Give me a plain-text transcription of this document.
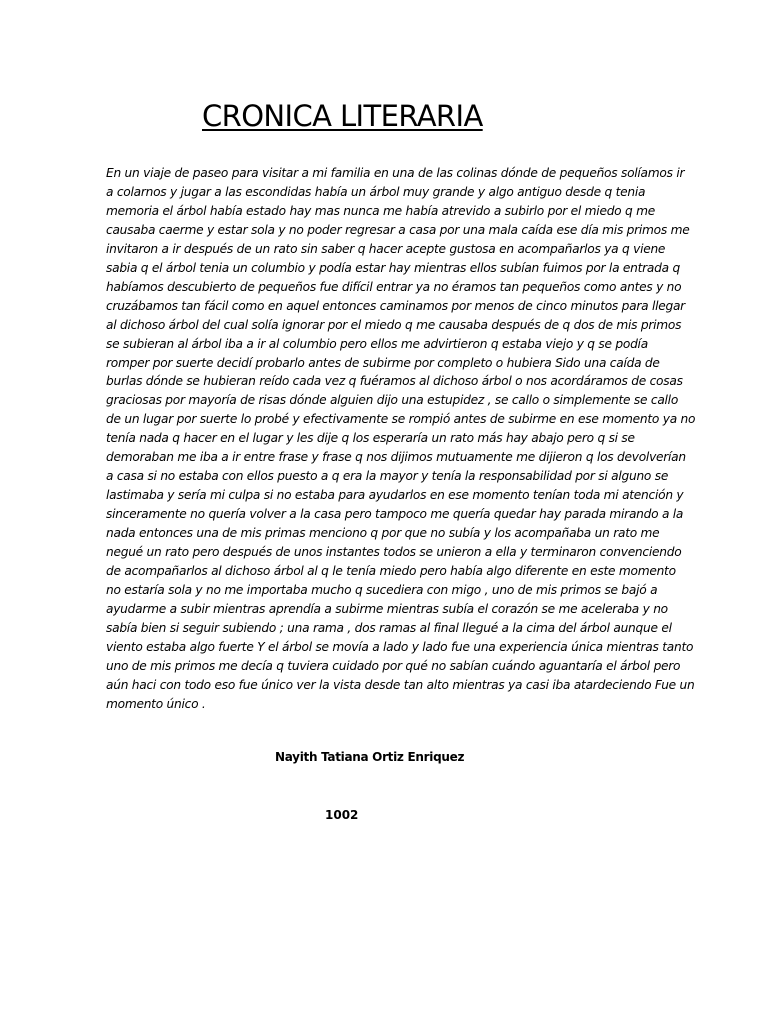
CRONICA LITERARIA
En un viaje de paseo para visitar a mi familia en una de las colinas dónde de pequeños solíamos ir
a colarnos y jugar a las escondidas había un árbol muy grande y algo antiguo desde q tenia
memoria el árbol había estado hay mas nunca me había atrevido a subirlo por el miedo q me
causaba caerme y estar sola y no poder regresar a casa por una mala caída ese día mis primos me
invitaron a ir después de un rato sin saber q hacer acepte gustosa en acompañarlos ya q viene
sabia q el árbol tenia un columbio y podía estar hay mientras ellos subían fuimos por la entrada q
habíamos descubierto de pequeños fue difícil entrar ya no éramos tan pequeños como antes y no
cruzábamos tan fácil como en aquel entonces caminamos por menos de cinco minutos para llegar
al dichoso árbol del cual solía ignorar por el miedo q me causaba después de q dos de mis primos
se subieran al árbol iba a ir al columbio pero ellos me advirtieron q estaba viejo y q se podía
romper por suerte decidí probarlo antes de subirme por completo o hubiera Sido una caída de
burlas dónde se hubieran reído cada vez q fuéramos al dichoso árbol o nos acordáramos de cosas
graciosas por mayoría de risas dónde alguien dijo una estupidez , se callo o simplemente se callo
de un lugar por suerte lo probé y efectivamente se rompió antes de subirme en ese momento ya no
tenía nada q hacer en el lugar y les dije q los esperaría un rato más hay abajo pero q si se
demoraban me iba a ir entre frase y frase q nos dijimos mutuamente me dijieron q los devolverían
a casa si no estaba con ellos puesto a q era la mayor y tenía la responsabilidad por si alguno se
lastimaba y sería mi culpa si no estaba para ayudarlos en ese momento tenían toda mi atención y
sinceramente no quería volver a la casa pero tampoco me quería quedar hay parada mirando a la
nada entonces una de mis primas menciono q por que no subía y los acompañaba un rato me
negué un rato pero después de unos instantes todos se unieron a ella y terminaron convenciendo
de acompañarlos al dichoso árbol al q le tenía miedo pero había algo diferente en este momento
no estaría sola y no me importaba mucho q sucediera con migo , uno de mis primos se bajó a
ayudarme a subir mientras aprendía a subirme mientras subía el corazón se me aceleraba y no
sabía bien si seguir subiendo ; una rama , dos ramas al final llegué a la cima del árbol aunque el
viento estaba algo fuerte Y el árbol se movía a lado y lado fue una experiencia única mientras tanto
uno de mis primos me decía q tuviera cuidado por qué no sabían cuándo aguantaría el árbol pero
aún haci con todo eso fue único ver la vista desde tan alto mientras ya casi iba atardeciendo Fue un
momento único .

Nayith Tatiana Ortiz Enriquez

1002
